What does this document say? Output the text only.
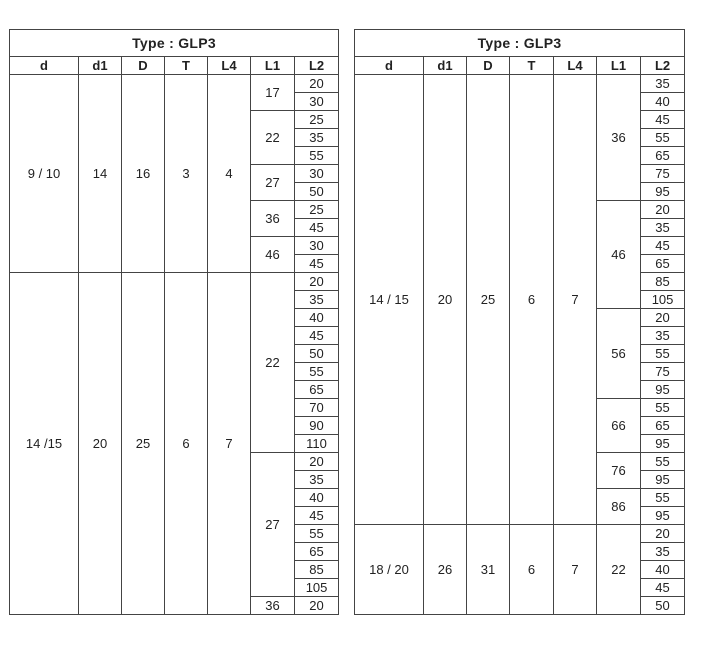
Type : GLP3						
d	d1	D	T	L4	L1	L2
9 / 10	14	16	3	4	17	20
						30
					22	25
						35
						55
					27	30
						50
					36	25
						45
					46	30
						45
14 /15	20	25	6	7	22	20
						35
						40
						45
						50
						55
						65
						70
						90
						110
					27	20
						35
						40
						45
						55
						65
						85
						105
					36	20
Type : GLP3						
d	d1	D	T	L4	L1	L2
14 / 15	20	25	6	7	36	35
						40
						45
						55
						65
						75
						95
					46	20
						35
						45
						65
						85
						105
					56	20
						35
						55
						75
						95
					66	55
						65
						95
					76	55
						95
					86	55
						95
18 / 20	26	31	6	7	22	20
						35
						40
						45
						50
